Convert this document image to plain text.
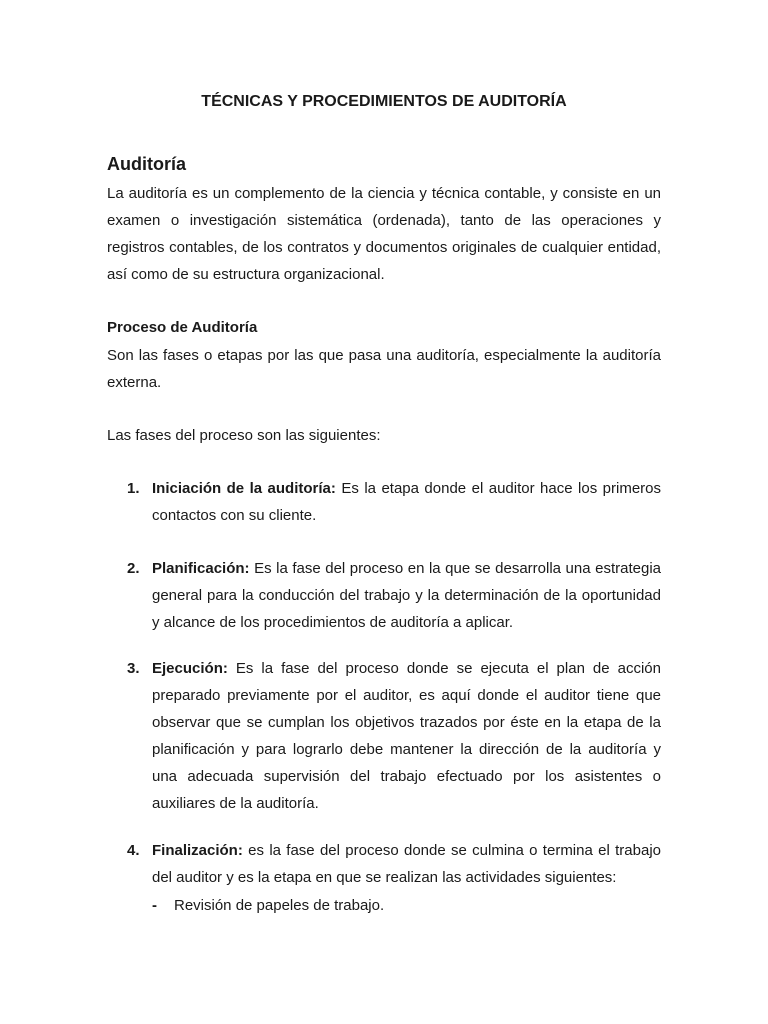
TÉCNICAS Y PROCEDIMIENTOS DE AUDITORÍA
Auditoría
La auditoría es un complemento de la ciencia y técnica contable, y consiste en un
examen o investigación sistemática (ordenada), tanto de las operaciones y
registros contables, de los contratos y documentos originales de cualquier entidad,
así como de su estructura organizacional.
Proceso de Auditoría
Son las fases o etapas por las que pasa una auditoría, especialmente la auditoría
externa.
Las fases del proceso son las siguientes:
1. Iniciación de la auditoría: Es la etapa donde el auditor hace los primeros
contactos con su cliente.
2. Planificación: Es la fase del proceso en la que se desarrolla una estrategia
general para la conducción del trabajo y la determinación de la oportunidad
y alcance de los procedimientos de auditoría a aplicar.
3. Ejecución: Es la fase del proceso donde se ejecuta el plan de acción
preparado previamente por el auditor, es aquí donde el auditor tiene que
observar que se cumplan los objetivos trazados por éste en la etapa de la
planificación y para lograrlo debe mantener la dirección de la auditoría y
una adecuada supervisión del trabajo efectuado por los asistentes o
auxiliares de la auditoría.
4. Finalización: es la fase del proceso donde se culmina o termina el trabajo
del auditor y es la etapa en que se realizan las actividades siguientes:
- Revisión de papeles de trabajo.
